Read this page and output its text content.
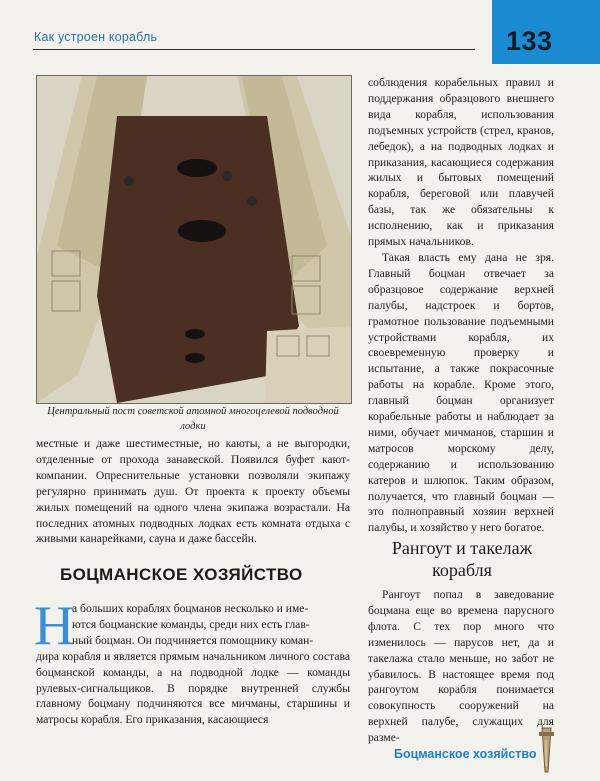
Как устроен корабль	133
Центральный пост советской атомной многоцелевой подводной лодки

местные и даже шестиместные, но каюты, а не выгородки, отделенные от прохода занавеской. Появился буфет кают-компании. Опреснительные установки позволяли экипажу регулярно принимать душ. От проекта к проекту объемы жилых помещений на одного члена экипажа возрастали. На последних атомных подводных лодках есть комната отдыха с живыми канарейками, сауна и даже бассейн.

БОЦМАНСКОЕ ХОЗЯЙСТВО
Н
а больших кораблях боцманов несколько и име-
ются боцманские команды, среди них есть глав-
ный боцман. Он подчиняется помощнику коман-

дира корабля и является прямым начальником личного состава боцманской команды, а на подводной лодке — команды рулевых-сигнальщиков. В порядке внутренней службы главному боцману подчиняются все мичманы, старшины и матросы корабля. Его приказания, касающиеся

соблюдения корабельных правил и поддержания образцового внешнего вида корабля, использования подъемных устройств (стрел, кранов, лебедок), а на подводных лодках и приказания, касающиеся содержания жилых и бытовых помещений корабля, береговой или плавучей базы, так же обязательны к исполнению, как и приказания прямых начальников.

Такая власть ему дана не зря. Главный боцман отвечает за образцовое содержание верхней палубы, надстроек и бортов, грамотное пользование подъемными устройствами корабля, их своевременную проверку и испытание, а также покрасочные работы на корабле. Кроме этого, главный боцман организует корабельные работы и наблюдает за ними, обучает мичманов, старшин и матросов морскому делу, содержанию и использованию катеров и шлюпок. Таким образом, получается, что главный боцман — это полноправный хозяин верхней палубы, и хозяйство у него богатое.

Рангоут и такелаж
корабля

Рангоут попал в заведование боцмана еще во времена парусного флота. С тех пор много что изменилось — парусов нет, да и такелажа стало меньше, но забот не убавилось. В настоящее время под рангоутом корабля понимается совокупность сооружений на верхней палубе, служащих для разме-

Боцманское хозяйство
